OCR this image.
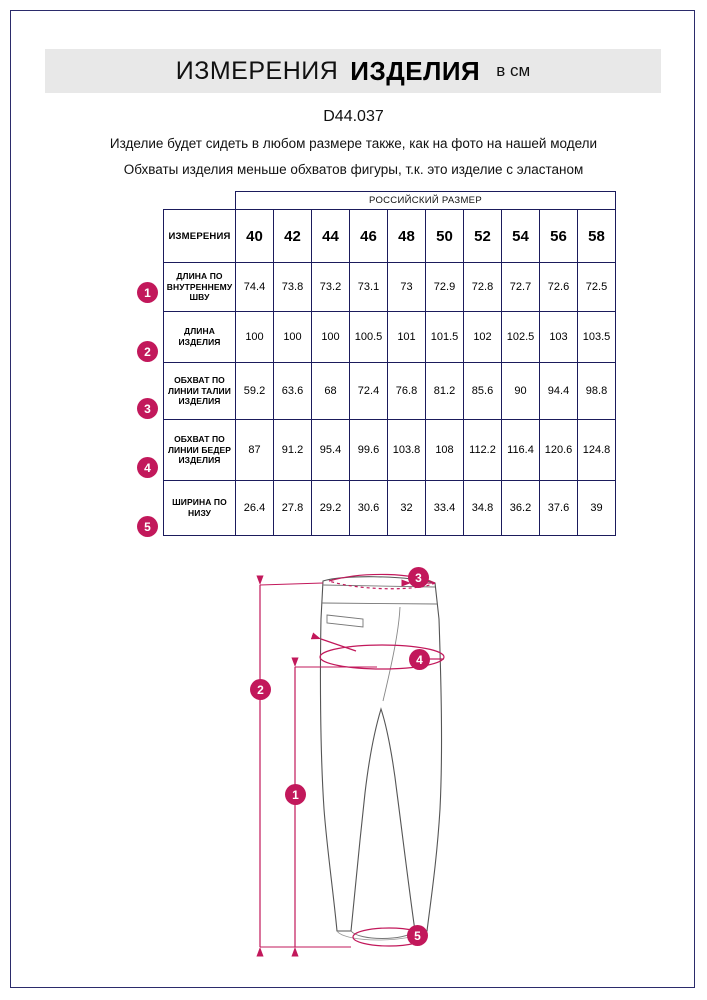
ИЗМЕРЕНИЯ ИЗДЕЛИЯ в см
D44.037
Изделие будет сидеть в любом размере также, как на фото на нашей модели
Обхваты изделия меньше обхватов фигуры, т.к. это изделие с эластаном
1
2
3
4
5
	РОССИЙСКИЙ РАЗМЕР									
ИЗМЕРЕНИЯ	40	42	44	46	48	50	52	54	56	58
ДЛИНА ПО ВНУТРЕННЕМУ ШВУ	74.4	73.8	73.2	73.1	73	72.9	72.8	72.7	72.6	72.5
ДЛИНА ИЗДЕЛИЯ	100	100	100	100.5	101	101.5	102	102.5	103	103.5
ОБХВАТ ПО ЛИНИИ ТАЛИИ ИЗДЕЛИЯ	59.2	63.6	68	72.4	76.8	81.2	85.6	90	94.4	98.8
ОБХВАТ ПО ЛИНИИ БЕДЕР ИЗДЕЛИЯ	87	91.2	95.4	99.6	103.8	108	112.2	116.4	120.6	124.8
ШИРИНА ПО НИЗУ	26.4	27.8	29.2	30.6	32	33.4	34.8	36.2	37.6	39
3
4
2
1
5
